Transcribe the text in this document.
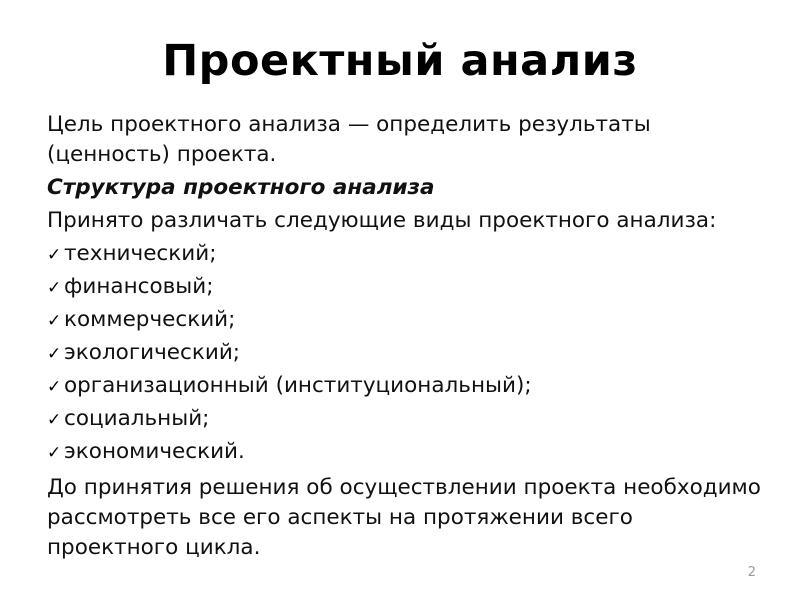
Проектный анализ

Цель проектного анализа — определить результаты (ценность) проекта.

Структура проектного анализа

Принято различать следующие виды проектного анализа:

✓ технический;
✓ финансовый;
✓ коммерческий;
✓ экологический;
✓ организационный (институциональный);
✓ социальный;
✓ экономический.

До принятия решения об осуществлении проекта необходимо рассмотреть все его аспекты на протяжении всего проектного цикла.

2
